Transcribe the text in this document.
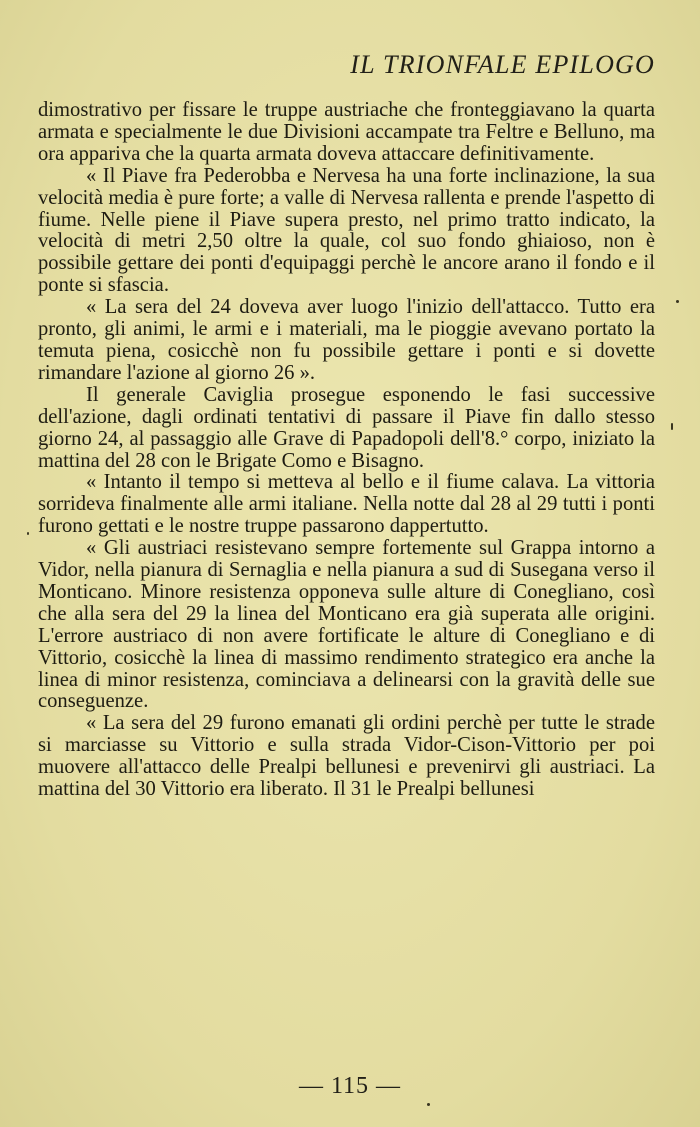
IL TRIONFALE EPILOGO

dimostrativo per fissare le truppe austriache che fronteggiavano la quarta armata e specialmente le due Divisioni accampate tra Feltre e Belluno, ma ora appariva che la quarta armata doveva attaccare definitivamente.

« Il Piave fra Pederobba e Nervesa ha una forte inclinazione, la sua velocità media è pure forte; a valle di Nervesa rallenta e prende l'aspetto di fiume. Nelle piene il Piave supera presto, nel primo tratto indicato, la velocità di metri 2,50 oltre la quale, col suo fondo ghiaioso, non è possibile gettare dei ponti d'equipaggi perchè le ancore arano il fondo e il ponte si sfascia.

« La sera del 24 doveva aver luogo l'inizio dell'attacco. Tutto era pronto, gli animi, le armi e i materiali, ma le pioggie avevano portato la temuta piena, cosicchè non fu possibile gettare i ponti e si dovette rimandare l'azione al giorno 26 ».

Il generale Caviglia prosegue esponendo le fasi successive dell'azione, dagli ordinati tentativi di passare il Piave fin dallo stesso giorno 24, al passaggio alle Grave di Papadopoli dell'8.° corpo, iniziato la mattina del 28 con le Brigate Como e Bisagno.

« Intanto il tempo si metteva al bello e il fiume calava. La vittoria sorrideva finalmente alle armi italiane. Nella notte dal 28 al 29 tutti i ponti furono gettati e le nostre truppe passarono dappertutto.

« Gli austriaci resistevano sempre fortemente sul Grappa intorno a Vidor, nella pianura di Sernaglia e nella pianura a sud di Susegana verso il Monticano. Minore resistenza opponeva sulle alture di Conegliano, così che alla sera del 29 la linea del Monticano era già superata alle origini. L'errore austriaco di non avere fortificate le alture di Conegliano e di Vittorio, cosicchè la linea di massimo rendimento strategico era anche la linea di minor resistenza, cominciava a delinearsi con la gravità delle sue conseguenze.

« La sera del 29 furono emanati gli ordini perchè per tutte le strade si marciasse su Vittorio e sulla strada Vidor-Cison-Vittorio per poi muovere all'attacco delle Prealpi bellunesi e prevenirvi gli austriaci. La mattina del 30 Vittorio era liberato. Il 31 le Prealpi bellunesi

— 115 —
